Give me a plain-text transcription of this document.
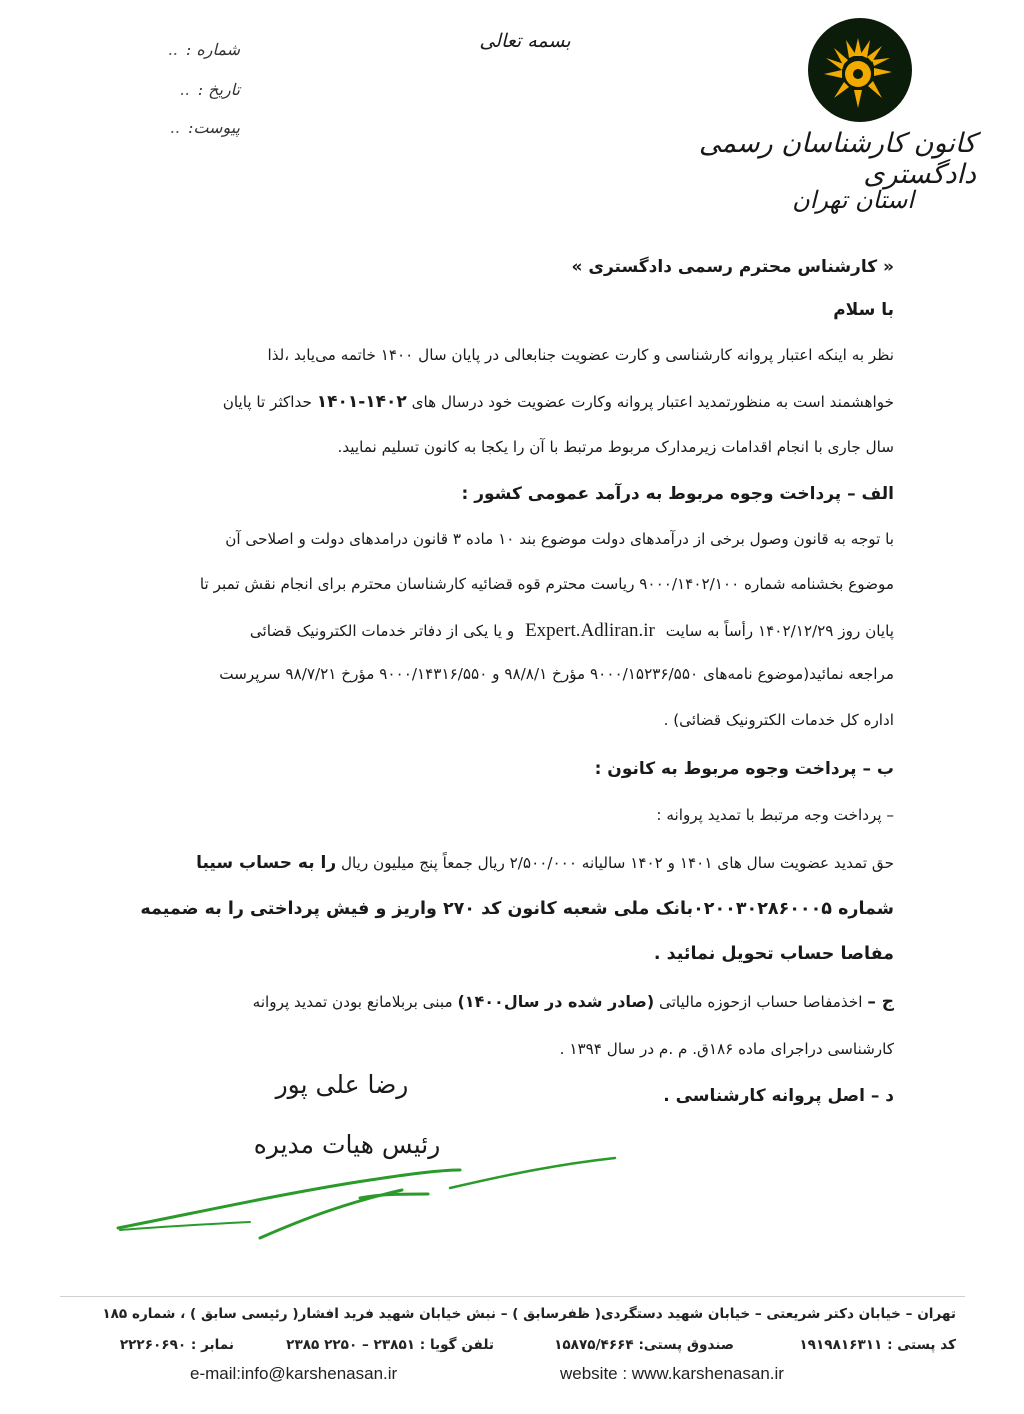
کانون کارشناسان رسمی دادگستری
استان تهران
بسمه تعالی
شماره :..
تاریخ :..
پیوست:..
« کارشناس محترم رسمی دادگستری »
با سلام
نظر به اینکه اعتبار پروانه کارشناسی و کارت عضویت جنابعالی در پایان سال ۱۴۰۰ خاتمه می‌یابد ،لذا
خواهشمند است به منظورتمدید اعتبار پروانه وکارت عضویت خود درسال های ۱۴۰۲-۱۴۰۱ حداکثر تا پایان
سال جاری با انجام اقدامات زیرمدارک مربوط مرتبط با آن را یکجا به کانون تسلیم نمایید.
الف – پرداخت وجوه مربوط به درآمد عمومی کشور :
با توجه به قانون وصول برخی از درآمدهای دولت موضوع بند ۱۰ ماده ۳ قانون درامدهای دولت و اصلاحی آن
موضوع بخشنامه شماره ۹۰۰۰/۱۴۰۲/۱۰۰ ریاست محترم قوه قضائیه کارشناسان محترم برای انجام نقش تمبر تا
پایان روز ۱۴۰۲/۱۲/۲۹ رأساً به سایت Expert.Adliran.ir و یا یکی از دفاتر خدمات الکترونیک قضائی
مراجعه نمائید(موضوع نامه‌های ۹۰۰۰/۱۵۲۳۶/۵۵۰ مؤرخ ۹۸/۸/۱ و ۹۰۰۰/۱۴۳۱۶/۵۵۰ مؤرخ ۹۸/۷/۲۱ سرپرست
اداره کل خدمات الکترونیک قضائی) .
ب – پرداخت وجوه مربوط به کانون :
– پرداخت وجه مرتبط با تمدید پروانه :
حق تمدید عضویت سال های ۱۴۰۱ و ۱۴۰۲ سالیانه ۲/۵۰۰/۰۰۰ ریال جمعاً پنج میلیون ریال را به حساب سیبا
شماره ۰۲۰۰۳۰۲۸۶۰۰۰۵بانک ملی شعبه کانون کد ۲۷۰ واریز و فیش پرداختی را به ضمیمه
مفاصا حساب تحویل نمائید .
ج – اخذمفاصا حساب ازحوزه مالیاتی (صادر شده در سال۱۴۰۰) مبنی بربلامانع بودن تمدید پروانه
کارشناسی دراجرای ماده ۱۸۶ق. م .م در سال ۱۳۹۴ .
د – اصل پروانه کارشناسی .
رضا علی پور
رئیس هیات مدیره
تهران – خیابان دکتر شریعتی – خیابان شهید دستگردی( ظفرسابق ) – نبش خیابان شهید فرید افشار( رئیسی سابق ) ، شماره ۱۸۵
کد پستی : ۱۹۱۹۸۱۶۳۱۱
صندوق پستی: ۱۵۸۷۵/۴۶۶۴
تلفن گویا : ۲۳۸۵۱ – ۲۲۵۰ ۲۳۸۵
نمابر : ۲۲۲۶۰۶۹۰
e-mail:info@karshenasan.ir	website : www.karshenasan.ir
